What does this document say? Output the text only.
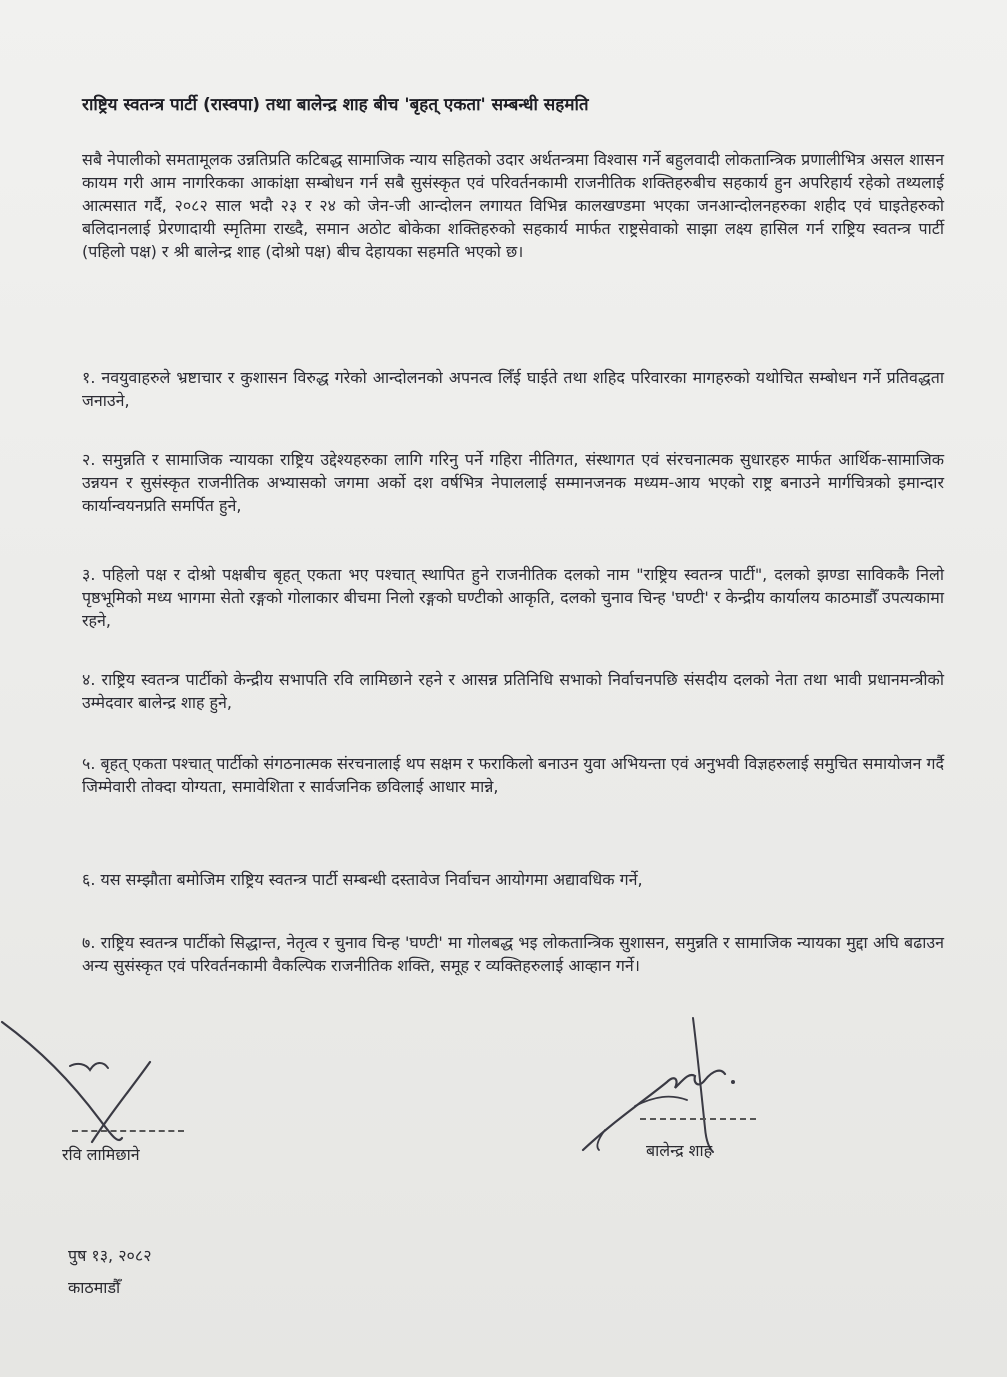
राष्ट्रिय स्वतन्त्र पार्टी (रास्वपा) तथा बालेन्द्र शाह बीच 'बृहत् एकता' सम्बन्धी सहमति
सबै नेपालीको समतामूलक उन्नतिप्रति कटिबद्ध सामाजिक न्याय सहितको उदार अर्थतन्त्रमा विश्वास गर्ने बहुलवादी लोकतान्त्रिक प्रणालीभित्र असल शासन कायम गरी आम नागरिकका आकांक्षा सम्बोधन गर्न सबै सुसंस्कृत एवं परिवर्तनकामी राजनीतिक शक्तिहरुबीच सहकार्य हुन अपरिहार्य रहेको तथ्यलाई आत्मसात गर्दै, २०८२ साल भदौ २३ र २४ को जेन-जी आन्दोलन लगायत विभिन्न कालखण्डमा भएका जनआन्दोलनहरुका शहीद एवं घाइतेहरुको बलिदानलाई प्रेरणादायी स्मृतिमा राख्दै, समान अठोट बोकेका शक्तिहरुको सहकार्य मार्फत राष्ट्रसेवाको साझा लक्ष्य हासिल गर्न राष्ट्रिय स्वतन्त्र पार्टी (पहिलो पक्ष) र श्री बालेन्द्र शाह (दोश्रो पक्ष) बीच देहायका सहमति भएको छ।
१. नवयुवाहरुले भ्रष्टाचार र कुशासन विरुद्ध गरेको आन्दोलनको अपनत्व लिँई घाईते तथा शहिद परिवारका मागहरुको यथोचित सम्बोधन गर्ने प्रतिवद्धता जनाउने,
२. समुन्नति र सामाजिक न्यायका राष्ट्रिय उद्देश्यहरुका लागि गरिनु पर्ने गहिरा नीतिगत, संस्थागत एवं संरचनात्मक सुधारहरु मार्फत आर्थिक-सामाजिक उन्नयन र सुसंस्कृत राजनीतिक अभ्यासको जगमा अर्को दश वर्षभित्र नेपाललाई सम्मानजनक मध्यम-आय भएको राष्ट्र बनाउने मार्गचित्रको इमान्दार कार्यान्वयनप्रति समर्पित हुने,
३. पहिलो पक्ष र दोश्रो पक्षबीच बृहत् एकता भए पश्चात् स्थापित हुने राजनीतिक दलको नाम "राष्ट्रिय स्वतन्त्र पार्टी", दलको झण्डा साविककै निलो पृष्ठभूमिको मध्य भागमा सेतो रङ्गको गोलाकार बीचमा निलो रङ्गको घण्टीको आकृति, दलको चुनाव चिन्ह 'घण्टी' र केन्द्रीय कार्यालय काठमाडौँ उपत्यकामा रहने,
४. राष्ट्रिय स्वतन्त्र पार्टीको केन्द्रीय सभापति रवि लामिछाने रहने र आसन्न प्रतिनिधि सभाको निर्वाचनपछि संसदीय दलको नेता तथा भावी प्रधानमन्त्रीको उम्मेदवार बालेन्द्र शाह हुने,
५. बृहत् एकता पश्चात् पार्टीको संगठनात्मक संरचनालाई थप सक्षम र फराकिलो बनाउन युवा अभियन्ता एवं अनुभवी विज्ञहरुलाई समुचित समायोजन गर्दै जिम्मेवारी तोक्दा योग्यता, समावेशिता र सार्वजनिक छविलाई आधार मान्ने,
६. यस सम्झौता बमोजिम राष्ट्रिय स्वतन्त्र पार्टी सम्बन्धी दस्तावेज निर्वाचन आयोगमा अद्यावधिक गर्ने,
७. राष्ट्रिय स्वतन्त्र पार्टीको सिद्धान्त, नेतृत्व र चुनाव चिन्ह 'घण्टी' मा गोलबद्ध भइ लोकतान्त्रिक सुशासन, समुन्नति र सामाजिक न्यायका मुद्दा अघि बढाउन अन्य सुसंस्कृत एवं परिवर्तनकामी वैकल्पिक राजनीतिक शक्ति, समूह र व्यक्तिहरुलाई आव्हान गर्ने।
रवि लामिछाने	बालेन्द्र शाह
पुष १३, २०८२
काठमाडौँ
